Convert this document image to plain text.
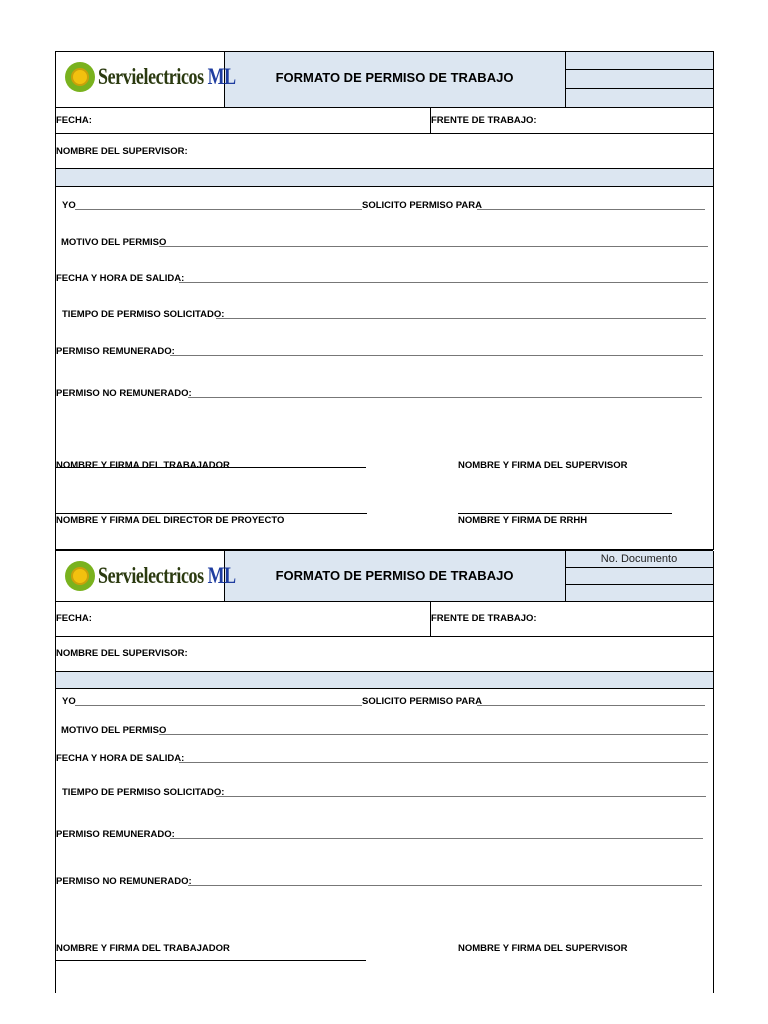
Servielectricos ML	FORMATO DE PERMISO DE TRABAJO
FECHA:	FRENTE DE TRABAJO:
NOMBRE DEL SUPERVISOR:
YO	SOLICITO PERMISO PARA
MOTIVO DEL PERMISO
FECHA Y HORA DE SALIDA:
TIEMPO DE PERMISO SOLICITADO:
PERMISO REMUNERADO:
PERMISO NO REMUNERADO:
NOMBRE Y FIRMA DEL TRABAJADOR	NOMBRE Y FIRMA DEL SUPERVISOR
NOMBRE Y FIRMA DEL DIRECTOR DE PROYECTO	NOMBRE Y FIRMA DE RRHH
Servielectricos ML	FORMATO DE PERMISO DE TRABAJO
No. Documento
FECHA:	FRENTE DE TRABAJO:
NOMBRE DEL SUPERVISOR:
YO	SOLICITO PERMISO PARA
MOTIVO DEL PERMISO
FECHA Y HORA DE SALIDA:
TIEMPO DE PERMISO SOLICITADO:
PERMISO REMUNERADO:
PERMISO NO REMUNERADO:
NOMBRE Y FIRMA DEL TRABAJADOR	NOMBRE Y FIRMA DEL SUPERVISOR
